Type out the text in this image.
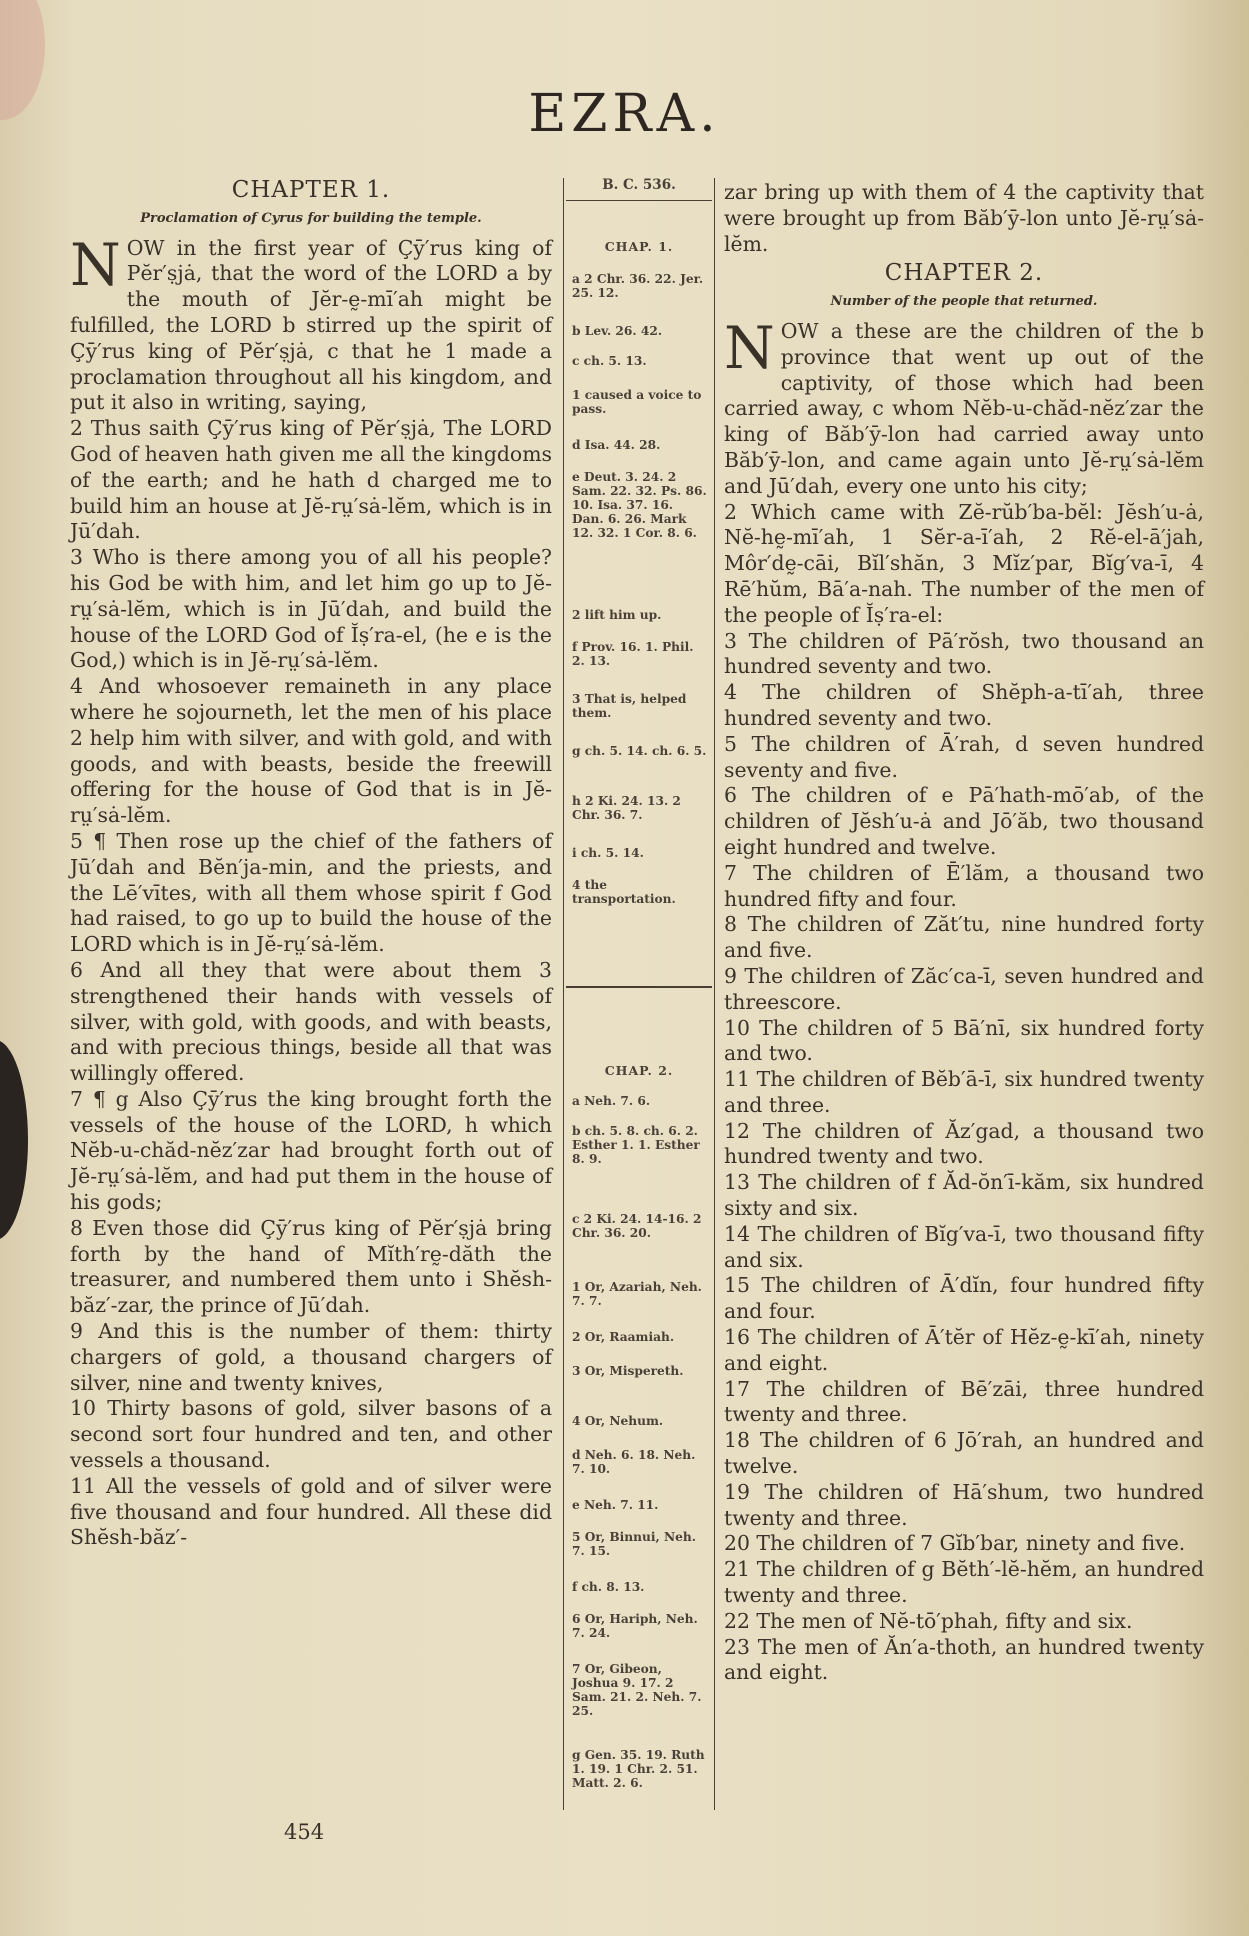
EZRA.
CHAPTER 1.
Proclamation of Cyrus for building the temple.

NOW in the first year of Çȳ′rus king of Pĕr′ṣjȧ, that the word of the LORD a by the mouth of Jĕr-ḛ-mī′ah might be fulfilled, the LORD b stirred up the spirit of Çȳ′rus king of Pĕr′ṣjȧ, c that he 1 made a proclamation throughout all his kingdom, and put it also in writing, saying,

2 Thus saith Çȳ′rus king of Pĕr′ṣjȧ, The LORD God of heaven hath given me all the kingdoms of the earth; and he hath d charged me to build him an house at Jĕ-rṳ′sȧ-lĕm, which is in Jū′dah.

3 Who is there among you of all his people? his God be with him, and let him go up to Jĕ-rṳ′sȧ-lĕm, which is in Jū′dah, and build the house of the LORD God of Ĭṣ′ra-el, (he e is the God,) which is in Jĕ-rṳ′sȧ-lĕm.

4 And whosoever remaineth in any place where he sojourneth, let the men of his place 2 help him with silver, and with gold, and with goods, and with beasts, beside the freewill offering for the house of God that is in Jĕ-rṳ′sȧ-lĕm.

5 ¶ Then rose up the chief of the fathers of Jū′dah and Bĕn′ja-min, and the priests, and the Lē′vītes, with all them whose spirit f God had raised, to go up to build the house of the LORD which is in Jĕ-rṳ′sȧ-lĕm.

6 And all they that were about them 3 strengthened their hands with vessels of silver, with gold, with goods, and with beasts, and with precious things, beside all that was willingly offered.

7 ¶ g Also Çȳ′rus the king brought forth the vessels of the house of the LORD, h which Nĕb-u-chăd-nĕz′zar had brought forth out of Jĕ-rṳ′sȧ-lĕm, and had put them in the house of his gods;

8 Even those did Çȳ′rus king of Pĕr′ṣjȧ bring forth by the hand of Mĭth′rḛ-dăth the treasurer, and numbered them unto i Shĕsh-băz′-zar, the prince of Jū′dah.

9 And this is the number of them: thirty chargers of gold, a thousand chargers of silver, nine and twenty knives,

10 Thirty basons of gold, silver basons of a second sort four hundred and ten, and other vessels a thousand.

11 All the vessels of gold and of silver were five thousand and four hundred. All these did Shĕsh-băz′-

B. C. 536.
CHAP. 1.
a 2 Chr. 36. 22. Jer. 25. 12.
b Lev. 26. 42.
c ch. 5. 13.
1 caused a voice to pass.
d Isa. 44. 28.
e Deut. 3. 24. 2 Sam. 22. 32. Ps. 86. 10. Isa. 37. 16. Dan. 6. 26. Mark 12. 32. 1 Cor. 8. 6.
2 lift him up.
f Prov. 16. 1. Phil. 2. 13.
3 That is, helped them.
g ch. 5. 14. ch. 6. 5.
h 2 Ki. 24. 13. 2 Chr. 36. 7.
i ch. 5. 14.
4 the transportation.
CHAP. 2.
a Neh. 7. 6.
b ch. 5. 8. ch. 6. 2. Esther 1. 1. Esther 8. 9.
c 2 Ki. 24. 14-16. 2 Chr. 36. 20.
1 Or, Azariah, Neh. 7. 7.
2 Or, Raamiah.
3 Or, Mispereth.
4 Or, Nehum.
d Neh. 6. 18. Neh. 7. 10.
e Neh. 7. 11.
5 Or, Binnui, Neh. 7. 15.
f ch. 8. 13.
6 Or, Hariph, Neh. 7. 24.
7 Or, Gibeon, Joshua 9. 17. 2 Sam. 21. 2. Neh. 7. 25.
g Gen. 35. 19. Ruth 1. 19. 1 Chr. 2. 51. Matt. 2. 6.

zar bring up with them of 4 the captivity that were brought up from Băb′ȳ-lon unto Jĕ-rṳ′sȧ-lĕm.

CHAPTER 2.
Number of the people that returned.

NOW a these are the children of the b province that went up out of the captivity, of those which had been carried away, c whom Nĕb-u-chăd-nĕz′zar the king of Băb′ȳ-lon had carried away unto Băb′ȳ-lon, and came again unto Jĕ-rṳ′sȧ-lĕm and Jū′dah, every one unto his city;

2 Which came with Zĕ-rŭb′ba-bĕl: Jĕsh′u-ȧ, Nĕ-hḛ-mī′ah, 1 Sĕr-a-ī′ah, 2 Rĕ-el-ā′jah, Môr′dḛ-cāi, Bĭl′shăn, 3 Mĭz′par, Bĭg′va-ī, 4 Rē′hŭm, Bā′a-nah. The number of the men of the people of Ĭṣ′ra-el:

3 The children of Pā′rŏsh, two thousand an hundred seventy and two.

4 The children of Shĕph-a-tī′ah, three hundred seventy and two.

5 The children of Ā′rah, d seven hundred seventy and five.

6 The children of e Pā′hath-mō′ab, of the children of Jĕsh′u-ȧ and Jō′ăb, two thousand eight hundred and twelve.

7 The children of Ē′lăm, a thousand two hundred fifty and four.

8 The children of Zăt′tu, nine hundred forty and five.

9 The children of Zăc′ca-ī, seven hundred and threescore.

10 The children of 5 Bā′nī, six hundred forty and two.

11 The children of Bĕb′ā-ī, six hundred twenty and three.

12 The children of Ăz′gad, a thousand two hundred twenty and two.

13 The children of f Ăd-ŏn′ī-kăm, six hundred sixty and six.

14 The children of Bĭg′va-ī, two thousand fifty and six.

15 The children of Ā′dĭn, four hundred fifty and four.

16 The children of Ā′tĕr of Hĕz-ḛ-kī′ah, ninety and eight.

17 The children of Bē′zāi, three hundred twenty and three.

18 The children of 6 Jō′rah, an hundred and twelve.

19 The children of Hā′shum, two hundred twenty and three.

20 The children of 7 Gĭb′bar, ninety and five.

21 The children of g Bĕth′-lĕ-hĕm, an hundred twenty and three.

22 The men of Nĕ-tō′phah, fifty and six.

23 The men of Ăn′a-thoth, an hundred twenty and eight.

454
